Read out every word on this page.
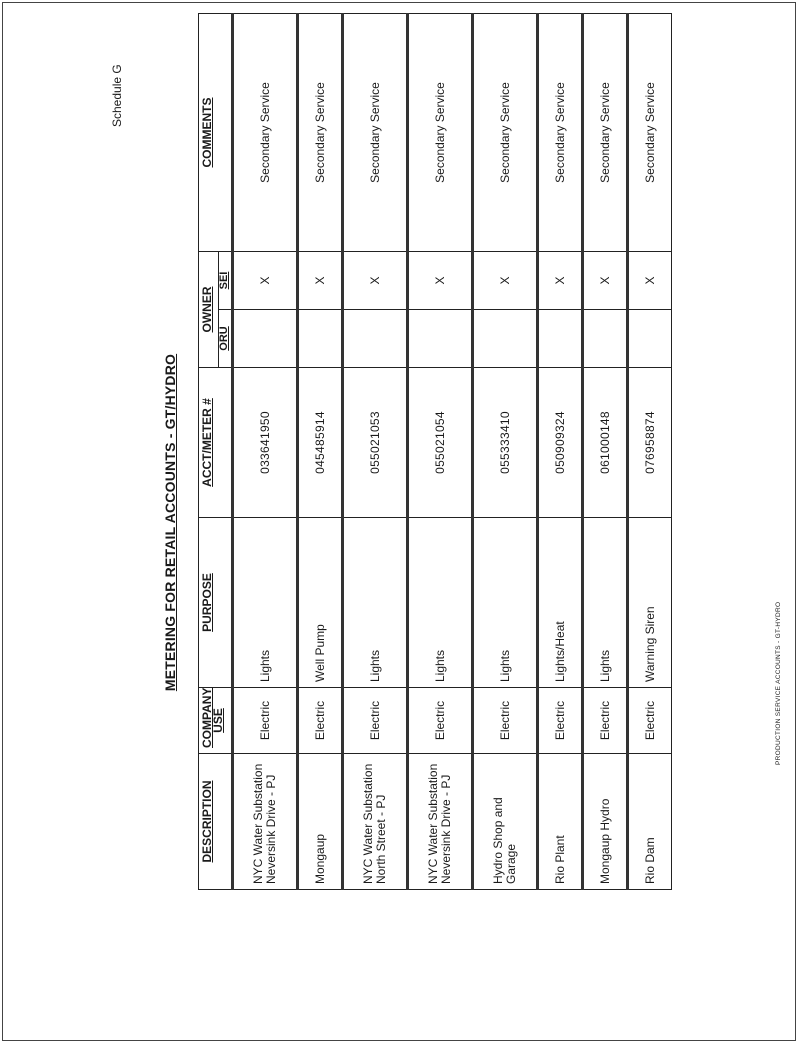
Schedule G
METERING FOR RETAIL ACCOUNTS - GT/HYDRO
DESCRIPTION	COMPANY USE	PURPOSE	ACCT/METER #	OWNER		COMMENTS
				ORU	SEI	
NYC Water Substation Neversink Drive - PJ	Electric	Lights	033641950		X	Secondary Service
Mongaup	Electric	Well Pump	045485914		X	Secondary Service
NYC Water Substation North Street - PJ	Electric	Lights	055021053		X	Secondary Service
NYC Water Substation Neversink Drive - PJ	Electric	Lights	055021054		X	Secondary Service
Hydro Shop and Garage	Electric	Lights	055333410		X	Secondary Service
Rio Plant	Electric	Lights/Heat	050909324		X	Secondary Service
Mongaup Hydro	Electric	Lights	061000148		X	Secondary Service
Rio Dam	Electric	Warning Siren	076958874		X	Secondary Service
PRODUCTION SERVICE ACCOUNTS - GT-HYDRO
